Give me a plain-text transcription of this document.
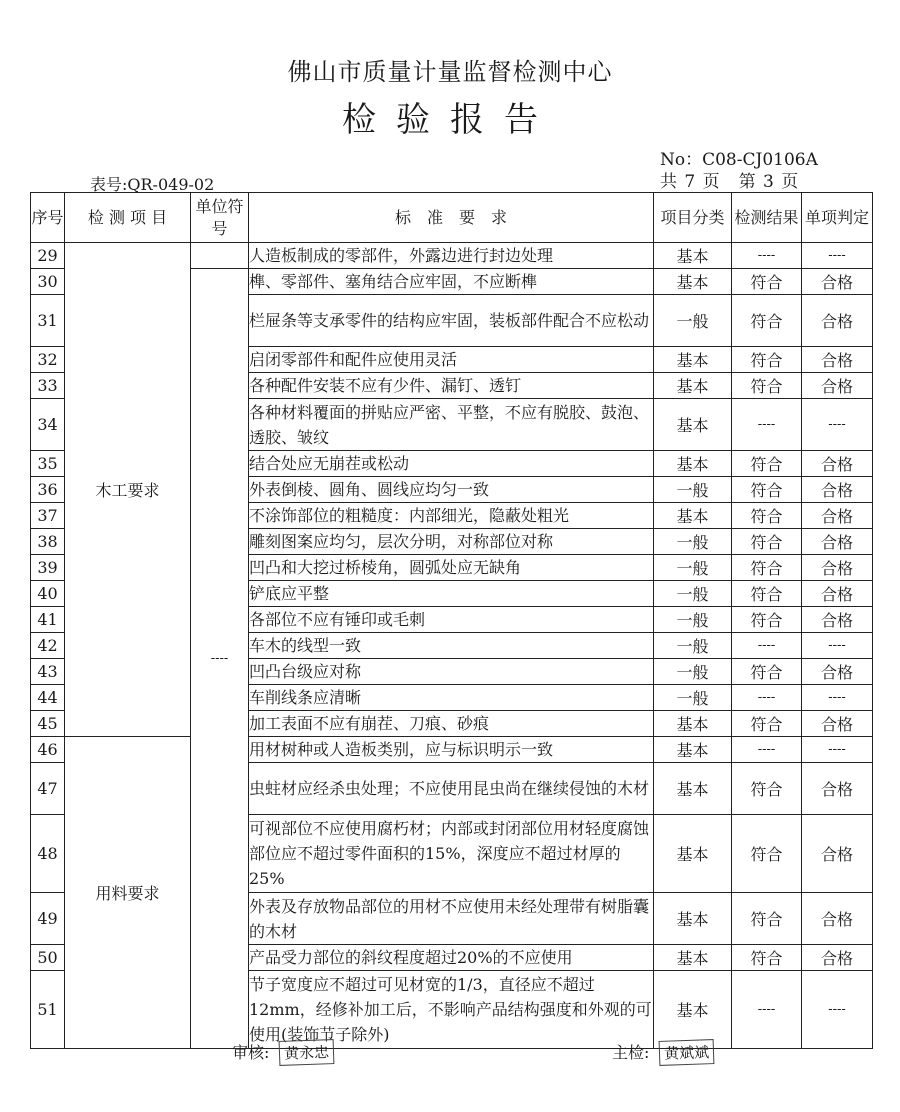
佛山市质量计量监督检测中心
检验报告
No：C08-CJ0106A
表号:QR-049-02	共 7 页　第 3 页
序号	检 测 项 目	单位符号	标　准　要　求	项目分类	检测结果	单项判定
29	木工要求		人造板制成的零部件，外露边进行封边处理	基本	----	----
30		----	榫、零部件、塞角结合应牢固，不应断榫	基本	符合	合格
31			栏屉条等支承零件的结构应牢固，装板部件配合不应松动	一般	符合	合格
32			启闭零部件和配件应使用灵活	基本	符合	合格
33			各种配件安装不应有少件、漏钉、透钉	基本	符合	合格
34			各种材料覆面的拼贴应严密、平整，不应有脱胶、鼓泡、透胶、皱纹	基本	----	----
35			结合处应无崩茬或松动	基本	符合	合格
36			外表倒棱、圆角、圆线应均匀一致	一般	符合	合格
37			不涂饰部位的粗糙度：内部细光，隐蔽处粗光	基本	符合	合格
38			雕刻图案应均匀，层次分明，对称部位对称	一般	符合	合格
39			凹凸和大挖过桥棱角，圆弧处应无缺角	一般	符合	合格
40			铲底应平整	一般	符合	合格
41			各部位不应有锤印或毛刺	一般	符合	合格
42			车木的线型一致	一般	----	----
43			凹凸台级应对称	一般	符合	合格
44			车削线条应清晰	一般	----	----
45			加工表面不应有崩茬、刀痕、砂痕	基本	符合	合格
46	用料要求		用材树种或人造板类别，应与标识明示一致	基本	----	----
47			虫蛀材应经杀虫处理；不应使用昆虫尚在继续侵蚀的木材	基本	符合	合格
48			可视部位不应使用腐朽材；内部或封闭部位用材轻度腐蚀部位应不超过零件面积的15%，深度应不超过材厚的25%	基本	符合	合格
49			外表及存放物品部位的用材不应使用未经处理带有树脂囊的木材	基本	符合	合格
50			产品受力部位的斜纹程度超过20%的不应使用	基本	符合	合格
51			节子宽度应不超过可见材宽的1/3，直径应不超过12mm，经修补加工后，不影响产品结构强度和外观的可使用(装饰节子除外)	基本	----	----
审核: 黄永忠	主检: 黄斌斌
